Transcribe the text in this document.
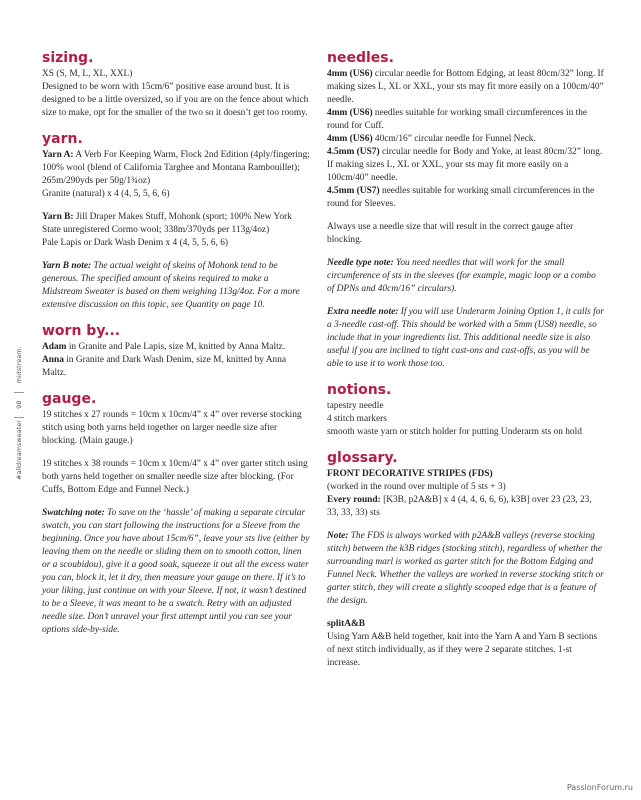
#alldreamsweater  98  midstream.
sizing.

XS (S, M, L, XL, XXL)

Designed to be worn with 15cm/6” positive ease around bust. It is designed to be a little oversized, so if you are on the fence about which size to make, opt for the smaller of the two so it doesn’t get too roomy.

yarn.

Yarn A: A Verb For Keeping Warm, Flock 2nd Edition (4ply/fingering; 100% wool (blend of California Targhee and Montana Rambouillet); 265m/290yds per 50g/1¾oz)

Granite (natural) x 4 (4, 5, 5, 6, 6)

Yarn B: Jill Draper Makes Stuff, Mohonk (sport; 100% New York State unregistered Cormo wool; 338m/370yds per 113g/4oz)

Pale Lapis or Dark Wash Denim x 4 (4, 5, 5, 6, 6)

Yarn B note: The actual weight of skeins of Mohonk tend to be generous. The specified amount of skeins required to make a Midstream Sweater is based on them weighing 113g/4oz. For a more extensive discussion on this topic, see Quantity on page 10.

worn by...

Adam in Granite and Pale Lapis, size M, knitted by Anna Maltz.

Anna in Granite and Dark Wash Denim, size M, knitted by Anna Maltz.

gauge.

19 stitches x 27 rounds = 10cm x 10cm/4” x 4” over reverse stocking stitch using both yarns held together on larger needle size after blocking. (Main gauge.)

19 stitches x 38 rounds = 10cm x 10cm/4” x 4” over garter stitch using both yarns held together on smaller needle size after blocking. (For Cuffs, Bottom Edge and Funnel Neck.)

Swatching note: To save on the ‘hassle’ of making a separate circular swatch, you can start following the instructions for a Sleeve from the beginning. Once you have about 15cm/6”, leave your sts live (either by leaving them on the needle or sliding them on to smooth cotton, linen or a scoubidou), give it a good soak, squeeze it out all the excess water you can, block it, let it dry, then measure your gauge on there. If it’s to your liking, just continue on with your Sleeve. If not, it wasn’t destined to be a Sleeve, it was meant to be a swatch. Retry with an adjusted needle size. Don’t unravel your first attempt until you can see your options side-by-side.

needles.

4mm (US6) circular needle for Bottom Edging, at least 80cm/32” long. If making sizes L, XL or XXL, your sts may fit more easily on a 100cm/40” needle.

4mm (US6) needles suitable for working small circumferences in the round for Cuff.

4mm (US6) 40cm/16” circular needle for Funnel Neck.

4.5mm (US7) circular needle for Body and Yoke, at least 80cm/32” long. If making sizes L, XL or XXL, your sts may fit more easily on a 100cm/40” needle.

4.5mm (US7) needles suitable for working small circumferences in the round for Sleeves.

Always use a needle size that will result in the correct gauge after blocking.

Needle type note: You need needles that will work for the small circumference of sts in the sleeves (for example, magic loop or a combo of DPNs and 40cm/16” circulars).

Extra needle note: If you will use Underarm Joining Option 1, it calls for a 3-needle cast-off. This should be worked with a 5mm (US8) needle, so include that in your ingredients list. This additional needle size is also useful if you are inclined to tight cast-ons and cast-offs, as you will be able to use it to work those too.

notions.

tapestry needle

4 stitch markers

smooth waste yarn or stitch holder for putting Underarm sts on hold

glossary.

FRONT DECORATIVE STRIPES (FDS)

(worked in the round over multiple of 5 sts + 3)

Every round: [K3B, p2A&B] x 4 (4, 4, 6, 6, 6), k3B] over 23 (23, 23, 33, 33, 33) sts

Note: The FDS is always worked with p2A&B valleys (reverse stocking stitch) between the k3B ridges (stocking stitch), regardless of whether the surrounding marl is worked as garter stitch for the Bottom Edging and Funnel Neck. Whether the valleys are worked in reverse stocking stitch or garter stitch, they will create a slightly scooped edge that is a feature of the design.

splitA&B

Using Yarn A&B held together, knit into the Yarn A and Yarn B sections of next stitch individually, as if they were 2 separate stitches. 1-st increase.

PassionForum.ru
